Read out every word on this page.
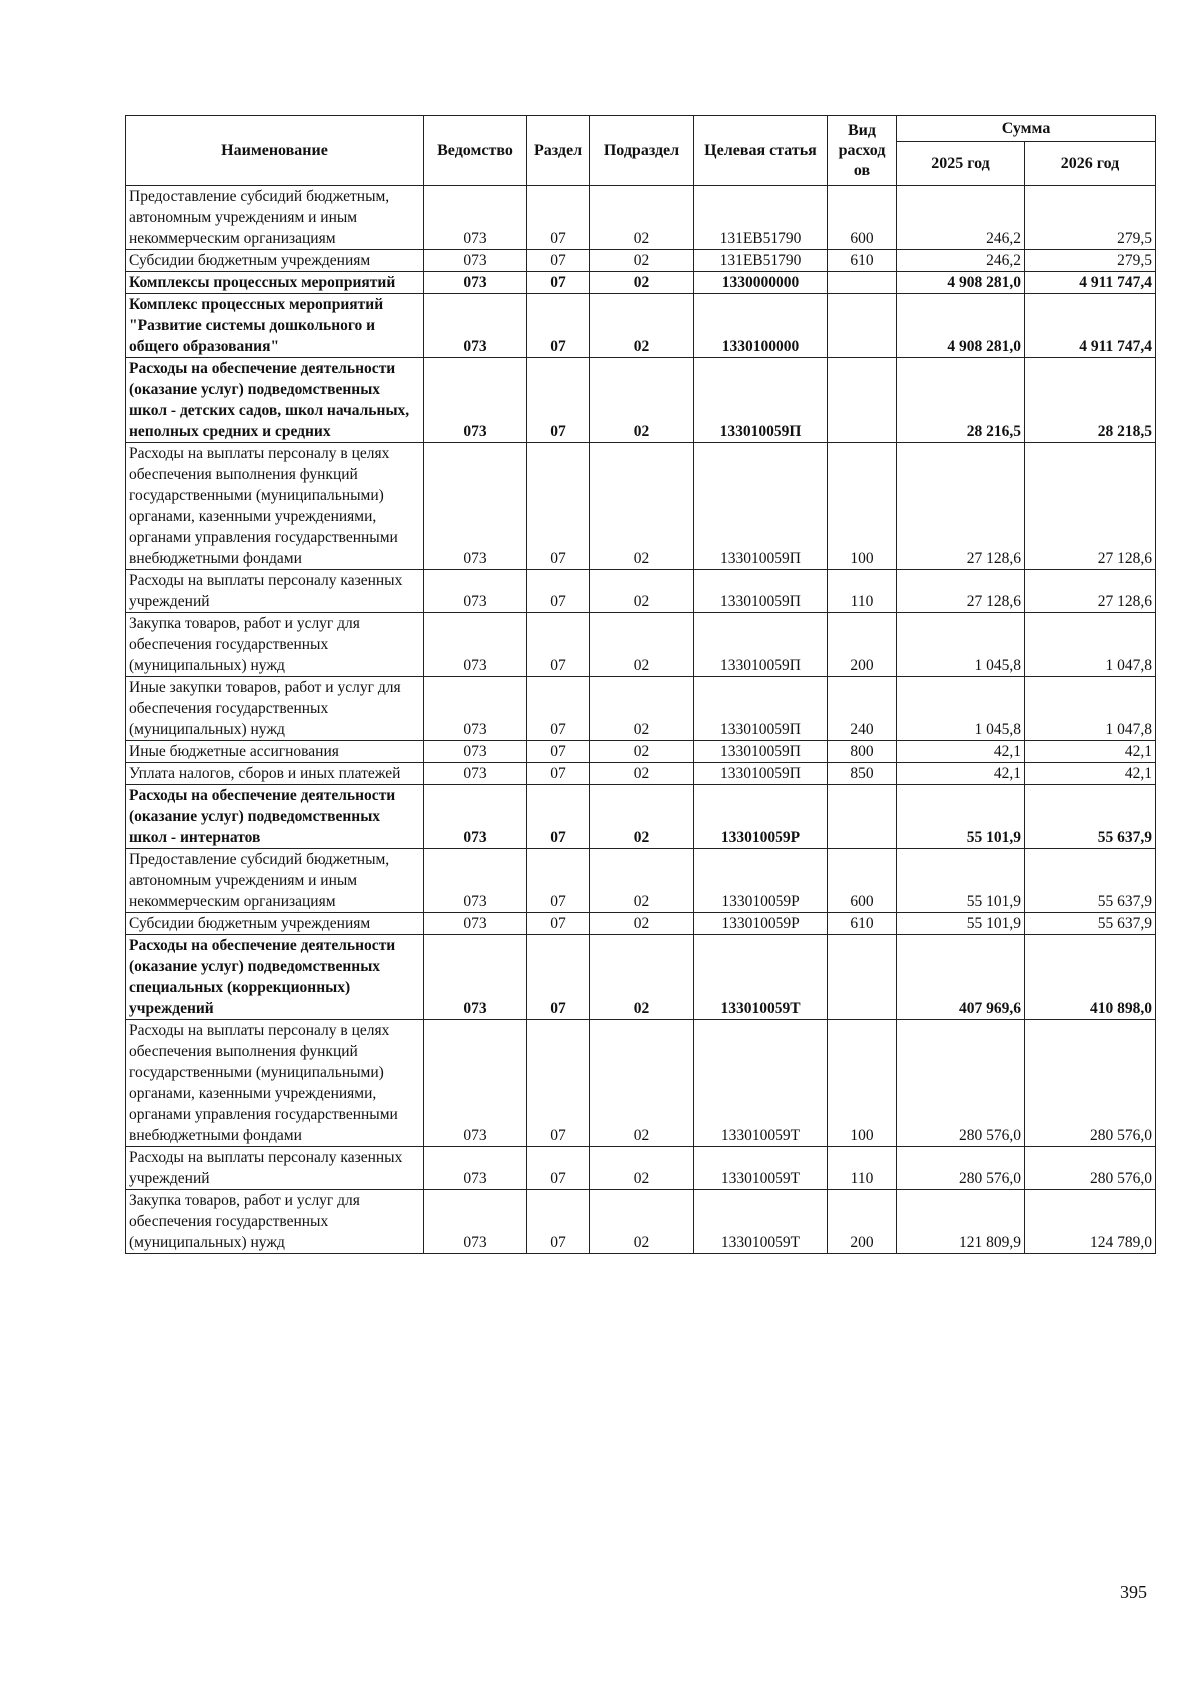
Наименование	Ведомство	Раздел	Подраздел	Целевая статья	Вид расход ов	Сумма	
						2025 год	2026 год
Предоставление субсидий бюджетным, автономным учреждениям и иным некоммерческим организациям	073	07	02	131ЕВ51790	600	246,2	279,5
Субсидии бюджетным учреждениям	073	07	02	131ЕВ51790	610	246,2	279,5
Комплексы процессных мероприятий	073	07	02	1330000000		4 908 281,0	4 911 747,4
Комплекс процессных мероприятий "Развитие системы дошкольного и общего образования"	073	07	02	1330100000		4 908 281,0	4 911 747,4
Расходы на обеспечение деятельности (оказание услуг) подведомственных школ - детских садов, школ начальных, неполных средних и средних	073	07	02	133010059П		28 216,5	28 218,5
Расходы на выплаты персоналу в целях обеспечения выполнения функций государственными (муниципальными) органами, казенными учреждениями, органами управления государственными внебюджетными фондами	073	07	02	133010059П	100	27 128,6	27 128,6
Расходы на выплаты персоналу казенных учреждений	073	07	02	133010059П	110	27 128,6	27 128,6
Закупка товаров, работ и услуг для обеспечения государственных (муниципальных) нужд	073	07	02	133010059П	200	1 045,8	1 047,8
Иные закупки товаров, работ и услуг для обеспечения государственных (муниципальных) нужд	073	07	02	133010059П	240	1 045,8	1 047,8
Иные бюджетные ассигнования	073	07	02	133010059П	800	42,1	42,1
Уплата налогов, сборов и иных платежей	073	07	02	133010059П	850	42,1	42,1
Расходы на обеспечение деятельности (оказание услуг) подведомственных школ - интернатов	073	07	02	133010059Р		55 101,9	55 637,9
Предоставление субсидий бюджетным, автономным учреждениям и иным некоммерческим организациям	073	07	02	133010059Р	600	55 101,9	55 637,9
Субсидии бюджетным учреждениям	073	07	02	133010059Р	610	55 101,9	55 637,9
Расходы на обеспечение деятельности (оказание услуг) подведомственных специальных (коррекционных) учреждений	073	07	02	133010059Т		407 969,6	410 898,0
Расходы на выплаты персоналу в целях обеспечения выполнения функций государственными (муниципальными) органами, казенными учреждениями, органами управления государственными внебюджетными фондами	073	07	02	133010059Т	100	280 576,0	280 576,0
Расходы на выплаты персоналу казенных учреждений	073	07	02	133010059Т	110	280 576,0	280 576,0
Закупка товаров, работ и услуг для обеспечения государственных (муниципальных) нужд	073	07	02	133010059Т	200	121 809,9	124 789,0
395
